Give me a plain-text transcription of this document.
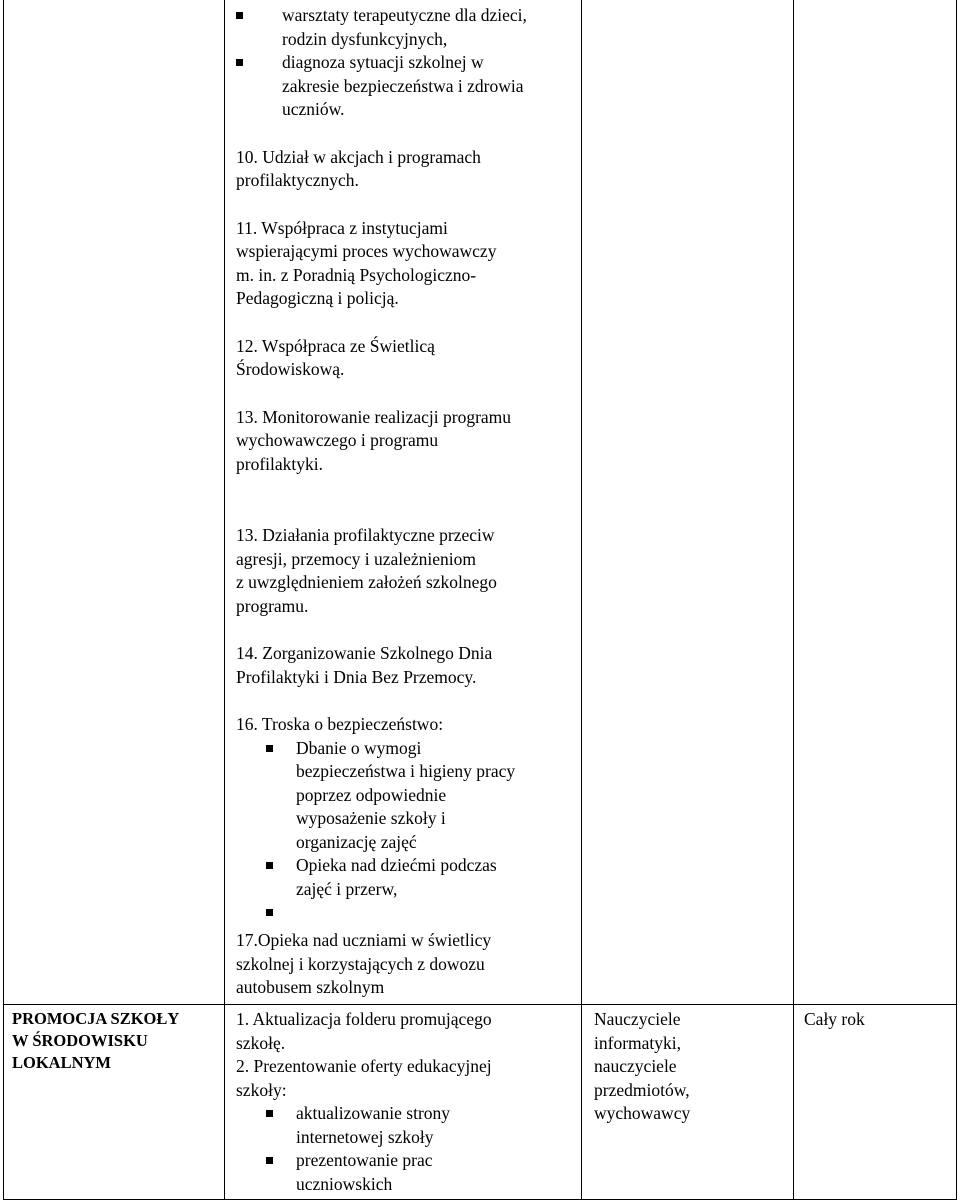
warsztaty terapeutyczne dla dzieci,

rodzin dysfunkcyjnych,

diagnoza sytuacji szkolnej w

zakresie bezpieczeństwa i zdrowia

uczniów.

10. Udział w akcjach i programach

profilaktycznych.

11. Współpraca z instytucjami

wspierającymi proces wychowawczy

m. in. z Poradnią Psychologiczno-

Pedagogiczną i policją.

12. Współpraca ze Świetlicą

Środowiskową.

13. Monitorowanie realizacji programu

wychowawczego i programu

profilaktyki.

13. Działania profilaktyczne przeciw

agresji, przemocy i uzależnieniom

z uwzględnieniem założeń szkolnego

programu.

14. Zorganizowanie Szkolnego Dnia

Profilaktyki i Dnia Bez Przemocy.

16. Troska o bezpieczeństwo:

Dbanie o wymogi

bezpieczeństwa i higieny pracy

poprzez odpowiednie

wyposażenie szkoły i

organizację zajęć

Opieka nad dziećmi podczas

zajęć i przerw,

17.Opieka nad uczniami w świetlicy

szkolnej i korzystających z dowozu

autobusem szkolnym

PROMOCJA SZKOŁY

W ŚRODOWISKU

LOKALNYM

1. Aktualizacja folderu promującego

szkołę.

2. Prezentowanie oferty edukacyjnej

szkoły:

aktualizowanie strony

internetowej szkoły

prezentowanie prac

uczniowskich

Nauczyciele

informatyki,

nauczyciele

przedmiotów,

wychowawcy

Cały rok
